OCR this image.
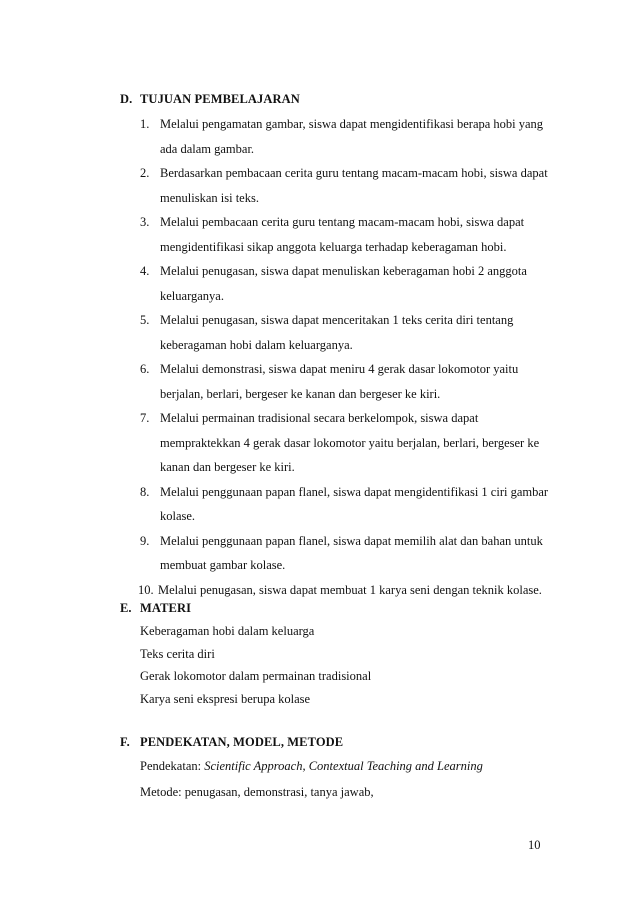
D. TUJUAN PEMBELAJARAN
1. Melalui pengamatan gambar, siswa dapat mengidentifikasi berapa hobi yang ada dalam gambar.
2. Berdasarkan pembacaan cerita guru tentang macam-macam hobi, siswa dapat menuliskan isi teks.
3. Melalui pembacaan cerita guru tentang macam-macam hobi, siswa dapat mengidentifikasi sikap anggota keluarga terhadap keberagaman hobi.
4. Melalui penugasan, siswa dapat menuliskan keberagaman hobi 2 anggota keluarganya.
5. Melalui penugasan, siswa dapat menceritakan 1 teks cerita diri tentang keberagaman hobi dalam keluarganya.
6. Melalui demonstrasi, siswa dapat meniru 4 gerak dasar lokomotor yaitu berjalan, berlari, bergeser ke kanan dan bergeser ke kiri.
7. Melalui permainan tradisional secara berkelompok, siswa dapat mempraktekkan 4 gerak dasar lokomotor yaitu berjalan, berlari, bergeser ke kanan dan bergeser ke kiri.
8. Melalui penggunaan papan flanel, siswa dapat mengidentifikasi 1 ciri gambar kolase.
9. Melalui penggunaan papan flanel, siswa dapat memilih alat dan bahan untuk membuat gambar kolase.
10. Melalui penugasan, siswa dapat membuat 1 karya seni dengan teknik kolase.
E. MATERI
Keberagaman hobi dalam keluarga
Teks cerita diri
Gerak lokomotor dalam permainan tradisional
Karya seni ekspresi berupa kolase
F. PENDEKATAN, MODEL, METODE
Pendekatan: Scientific Approach, Contextual Teaching and Learning
Metode: penugasan, demonstrasi, tanya jawab,
10
